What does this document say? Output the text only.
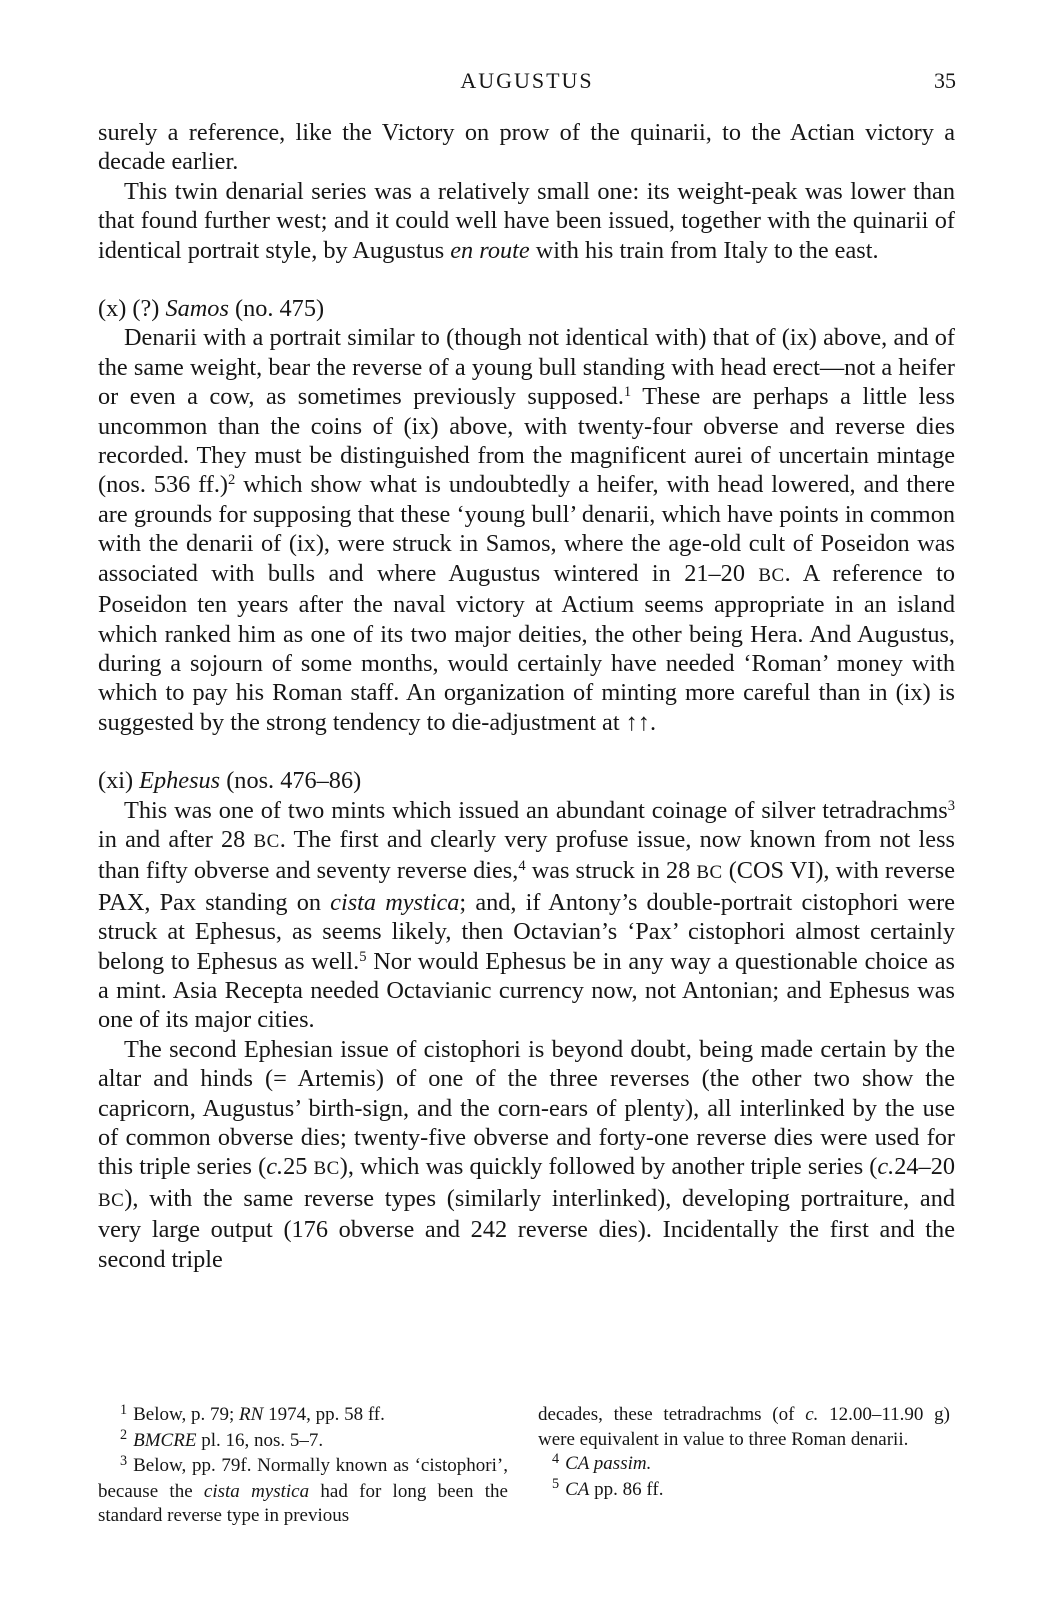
AUGUSTUS	35

surely a reference, like the Victory on prow of the quinarii, to the Actian victory a decade earlier.

This twin denarial series was a relatively small one: its weight-peak was lower than that found further west; and it could well have been issued, together with the quinarii of identical portrait style, by Augustus en route with his train from Italy to the east.

(x) (?) Samos (no. 475)

Denarii with a portrait similar to (though not identical with) that of (ix) above, and of the same weight, bear the reverse of a young bull standing with head erect—not a heifer or even a cow, as sometimes previously supposed.$^1$ These are perhaps a little less uncommon than the coins of (ix) above, with twenty-four obverse and reverse dies recorded. They must be distinguished from the magnificent aurei of uncertain mintage (nos. 536 ff.)$^2$ which show what is undoubtedly a heifer, with head lowered, and there are grounds for supposing that these ‘young bull’ denarii, which have points in common with the denarii of (ix), were struck in Samos, where the age-old cult of Poseidon was associated with bulls and where Augustus wintered in 21–20 BC. A reference to Poseidon ten years after the naval victory at Actium seems appropriate in an island which ranked him as one of its two major deities, the other being Hera. And Augustus, during a sojourn of some months, would certainly have needed ‘Roman’ money with which to pay his Roman staff. An organization of minting more careful than in (ix) is suggested by the strong tendency to die-adjustment at ↑↑.

(xi) Ephesus (nos. 476–86)

This was one of two mints which issued an abundant coinage of silver tetradrachms$^3$ in and after 28 BC. The first and clearly very profuse issue, now known from not less than fifty obverse and seventy reverse dies,$^4$ was struck in 28 BC (COS VI), with reverse PAX, Pax standing on cista mystica; and, if Antony’s double-portrait cistophori were struck at Ephesus, as seems likely, then Octavian’s ‘Pax’ cistophori almost certainly belong to Ephesus as well.$^5$ Nor would Ephesus be in any way a questionable choice as a mint. Asia Recepta needed Octavianic currency now, not Antonian; and Ephesus was one of its major cities.

The second Ephesian issue of cistophori is beyond doubt, being made certain by the altar and hinds (= Artemis) of one of the three reverses (the other two show the capricorn, Augustus’ birth-sign, and the corn-ears of plenty), all interlinked by the use of common obverse dies; twenty-five obverse and forty-one reverse dies were used for this triple series (c.25 BC), which was quickly followed by another triple series (c.24–20 BC), with the same reverse types (similarly interlinked), developing portraiture, and very large output (176 obverse and 242 reverse dies). Incidentally the first and the second triple

$^1$ Below, p. 79; RN 1974, pp. 58 ff.

$^2$ BMCRE pl. 16, nos. 5–7.

$^3$ Below, pp. 79f. Normally known as ‘cistophori’, because the cista mystica had for long been the standard reverse type in previous

decades, these tetradrachms (of c. 12.00–11.90 g) were equivalent in value to three Roman denarii.

$^4$ CA passim.

$^5$ CA pp. 86 ff.
